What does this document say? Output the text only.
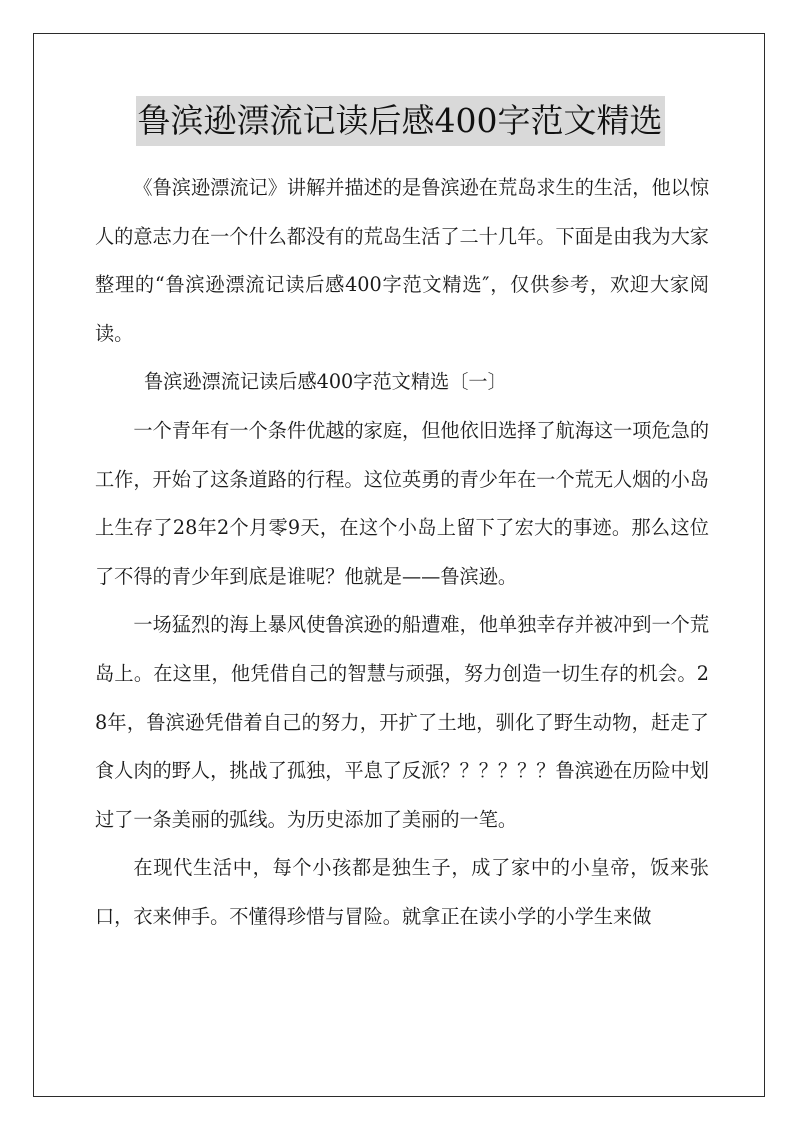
鲁滨逊漂流记读后感400字范文精选

《鲁滨逊漂流记》讲解并描述的是鲁滨逊在荒岛求生的生活，他以惊人的意志力在一个什么都没有的荒岛生活了二十几年。下面是由我为大家整理的“鲁滨逊漂流记读后感400字范文精选″，仅供参考，欢迎大家阅读。

鲁滨逊漂流记读后感400字范文精选〔一〕

一个青年有一个条件优越的家庭，但他依旧选择了航海这一项危急的工作，开始了这条道路的行程。这位英勇的青少年在一个荒无人烟的小岛上生存了28年2个月零9天，在这个小岛上留下了宏大的事迹。那么这位了不得的青少年到底是谁呢？他就是——鲁滨逊。

一场猛烈的海上暴风使鲁滨逊的船遭难，他单独幸存并被冲到一个荒岛上。在这里，他凭借自己的智慧与顽强，努力创造一切生存的机会。28年，鲁滨逊凭借着自己的努力，开扩了土地，驯化了野生动物，赶走了食人肉的野人，挑战了孤独，平息了反派？？？？？？鲁滨逊在历险中划过了一条美丽的弧线。为历史添加了美丽的一笔。

在现代生活中，每个小孩都是独生子，成了家中的小皇帝，饭来张口，衣来伸手。不懂得珍惜与冒险。就拿正在读小学的小学生来做
